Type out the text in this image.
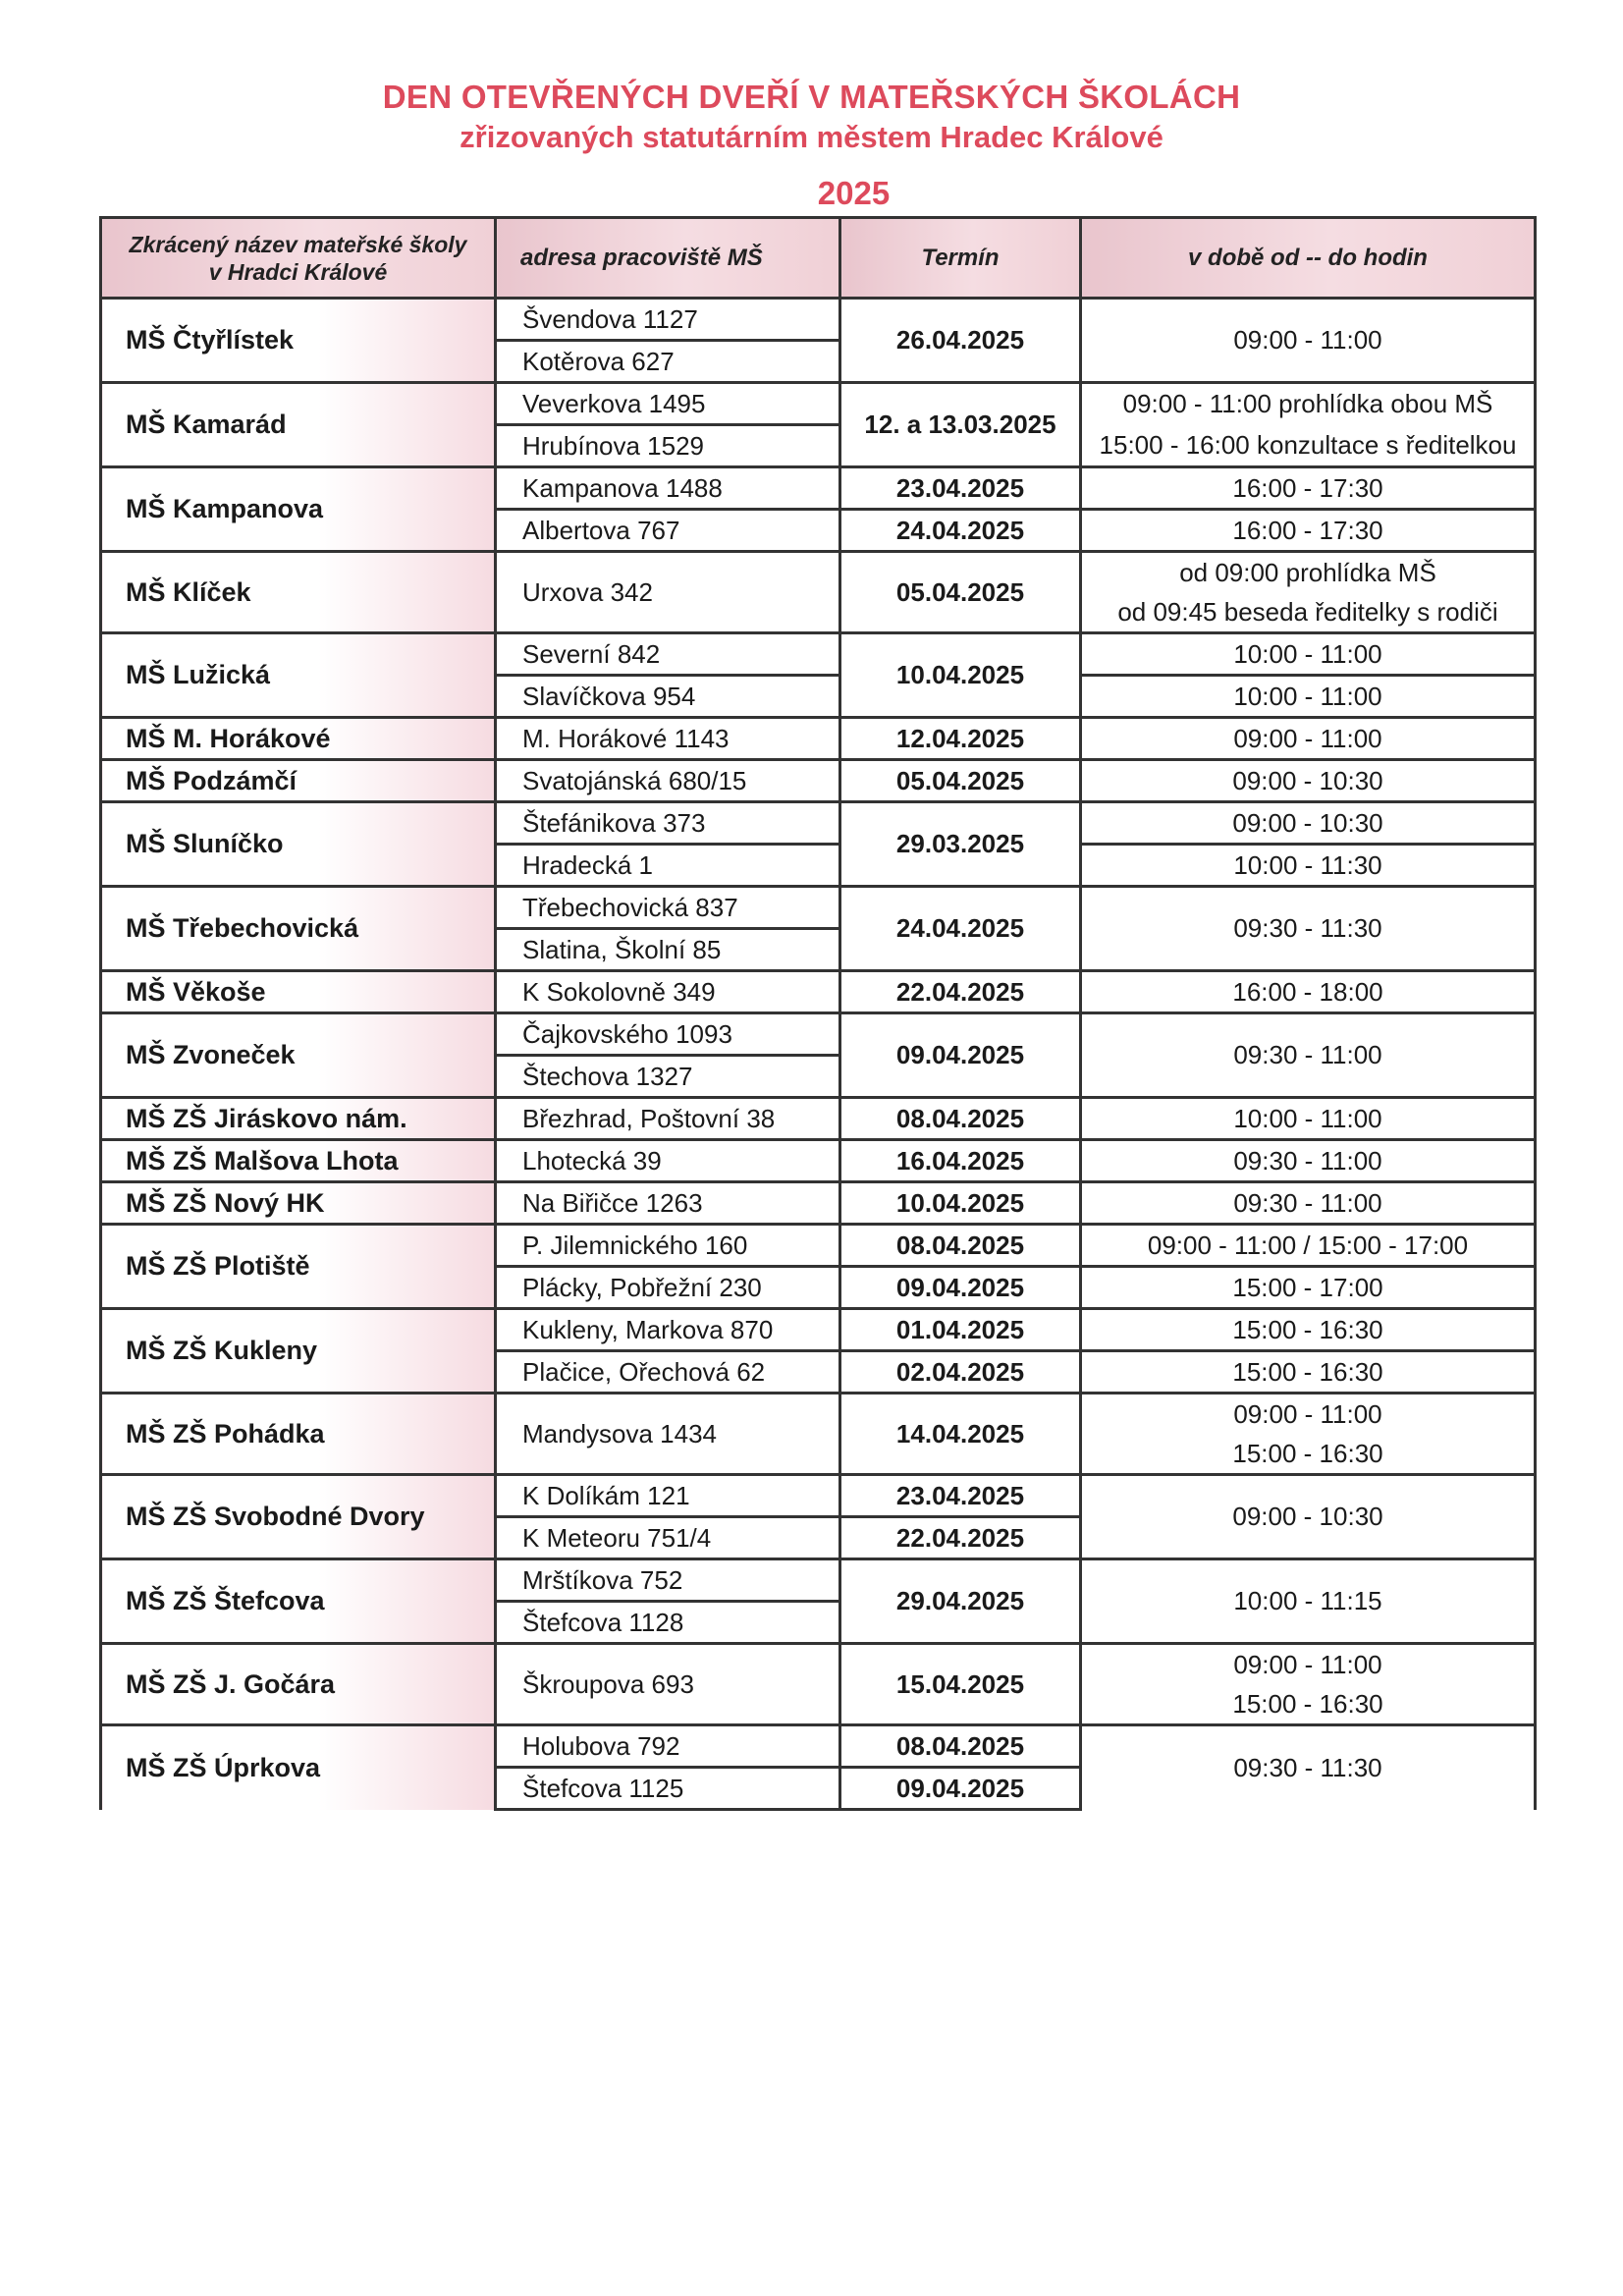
DEN OTEVŘENÝCH DVEŘÍ V MATEŘSKÝCH ŠKOLÁCH
zřizovaných statutárním městem Hradec Králové
2025
Zkrácený název mateřské školy
v Hradci Králové	adresa pracoviště MŠ	Termín	v době od -- do hodin
MŠ Čtyřlístek	Švendova 1127	26.04.2025	09:00 - 11:00
	Kotěrova 627		
MŠ Kamarád	Veverkova 1495	12. a 13.03.2025	09:00 - 11:00 prohlídka obou MŠ
	Hrubínova 1529		15:00 - 16:00 konzultace s ředitelkou
MŠ Kampanova	Kampanova 1488	23.04.2025	16:00 - 17:30
	Albertova 767	24.04.2025	16:00 - 17:30
MŠ Klíček	Urxova 342	05.04.2025	od 09:00 prohlídka MŠ
			od 09:45 beseda ředitelky s rodiči
MŠ Lužická	Severní 842	10.04.2025	10:00 - 11:00
	Slavíčkova 954		10:00 - 11:00
MŠ M. Horákové	M. Horákové 1143	12.04.2025	09:00 - 11:00

MŠ Podzámčí	Svatojánská 680/15	05.04.2025	09:00 - 10:30

MŠ Sluníčko	Štefánikova 373	29.03.2025	09:00 - 10:30
	Hradecká 1		10:00 - 11:30
MŠ Třebechovická	Třebechovická 837	24.04.2025	09:30 - 11:30
	Slatina, Školní 85		
MŠ Věkoše	K Sokolovně 349	22.04.2025	16:00 - 18:00

MŠ Zvoneček	Čajkovského 1093	09.04.2025	09:30 - 11:00
	Štechova 1327		
MŠ ZŠ Jiráskovo nám.	Březhrad, Poštovní 38	08.04.2025	10:00 - 11:00

MŠ ZŠ Malšova Lhota	Lhotecká 39	16.04.2025	09:30 - 11:00

MŠ ZŠ Nový HK	Na Biřičce 1263	10.04.2025	09:30 - 11:00

MŠ ZŠ Plotiště	P. Jilemnického 160	08.04.2025	09:00 - 11:00 / 15:00 - 17:00
	Plácky, Pobřežní 230	09.04.2025	15:00 - 17:00
MŠ ZŠ Kukleny	Kukleny, Markova 870	01.04.2025	15:00 - 16:30
	Plačice, Ořechová 62	02.04.2025	15:00 - 16:30
MŠ ZŠ Pohádka	Mandysova 1434	14.04.2025	09:00 - 11:00
			15:00 - 16:30
MŠ ZŠ Svobodné Dvory	K Dolíkám 121	23.04.2025	09:00 - 10:30
	K Meteoru 751/4	22.04.2025	
MŠ ZŠ Štefcova	Mrštíkova 752	29.04.2025	10:00 - 11:15
	Štefcova 1128		
MŠ ZŠ J. Gočára	Škroupova 693	15.04.2025	09:00 - 11:00
			15:00 - 16:30
MŠ ZŠ Úprkova	Holubova 792	08.04.2025	09:30 - 11:30
	Štefcova 1125	09.04.2025	
